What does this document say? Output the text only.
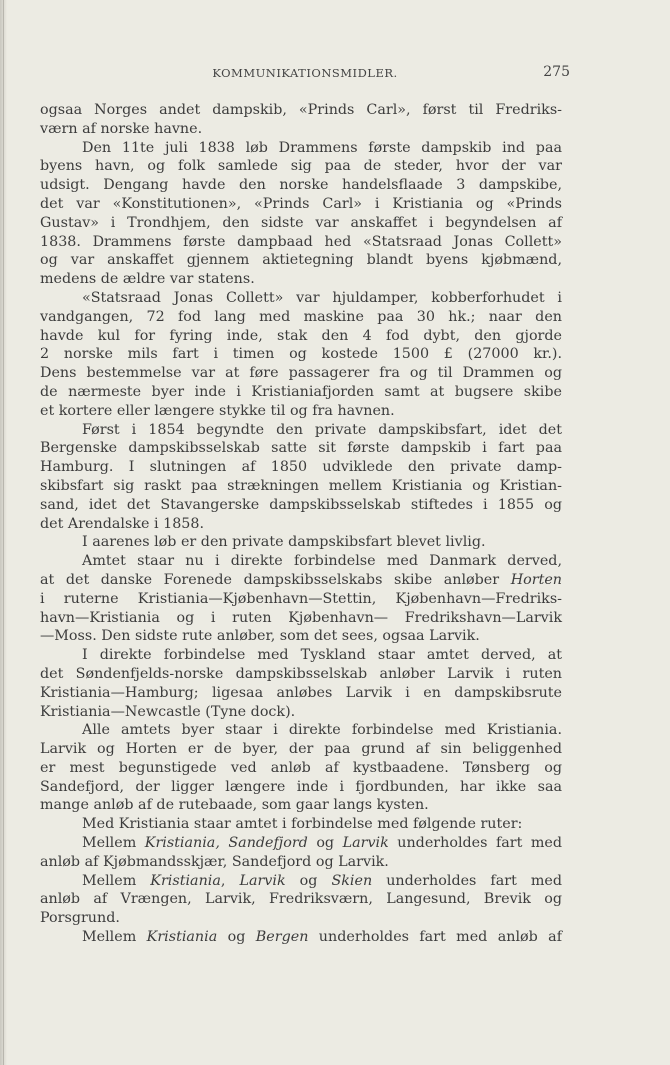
KOMMUNIKATIONSMIDLER.	275
ogsaa Norges andet dampskib, «Prinds Carl», først til Fredriks-
værn af norske havne.
Den 11te juli 1838 løb Drammens første dampskib ind paa
byens havn, og folk samlede sig paa de steder, hvor der var
udsigt. Dengang havde den norske handelsflaade 3 dampskibe,
det var «Konstitutionen», «Prinds Carl» i Kristiania og «Prinds
Gustav» i Trondhjem, den sidste var anskaffet i begyndelsen af
1838. Drammens første dampbaad hed «Statsraad Jonas Collett»
og var anskaffet gjennem aktietegning blandt byens kjøbmænd,
medens de ældre var statens.
«Statsraad Jonas Collett» var hjuldamper, kobberforhudet i
vandgangen, 72 fod lang med maskine paa 30 hk.; naar den
havde kul for fyring inde, stak den 4 fod dybt, den gjorde
2 norske mils fart i timen og kostede 1500 £ (27000 kr.).
Dens bestemmelse var at føre passagerer fra og til Drammen og
de nærmeste byer inde i Kristianiafjorden samt at bugsere skibe
et kortere eller længere stykke til og fra havnen.
Først i 1854 begyndte den private dampskibsfart, idet det
Bergenske dampskibsselskab satte sit første dampskib i fart paa
Hamburg. I slutningen af 1850 udviklede den private damp-
skibsfart sig raskt paa strækningen mellem Kristiania og Kristian-
sand, idet det Stavangerske dampskibsselskab stiftedes i 1855 og
det Arendalske i 1858.
I aarenes løb er den private dampskibsfart blevet livlig.
Amtet staar nu i direkte forbindelse med Danmark derved,
at det danske Forenede dampskibsselskabs skibe anløber Horten
i ruterne Kristiania—Kjøbenhavn—Stettin, Kjøbenhavn—Fredriks-
havn—Kristiania og i ruten Kjøbenhavn— Fredrikshavn—Larvik
—Moss. Den sidste rute anløber, som det sees, ogsaa Larvik.
I direkte forbindelse med Tyskland staar amtet derved, at
det Søndenfjelds-norske dampskibsselskab anløber Larvik i ruten
Kristiania—Hamburg; ligesaa anløbes Larvik i en dampskibsrute
Kristiania—Newcastle (Tyne dock).
Alle amtets byer staar i direkte forbindelse med Kristiania.
Larvik og Horten er de byer, der paa grund af sin beliggenhed
er mest begunstigede ved anløb af kystbaadene. Tønsberg og
Sandefjord, der ligger længere inde i fjordbunden, har ikke saa
mange anløb af de rutebaade, som gaar langs kysten.
Med Kristiania staar amtet i forbindelse med følgende ruter:
Mellem Kristiania, Sandefjord og Larvik underholdes fart med
anløb af Kjøbmandsskjær, Sandefjord og Larvik.
Mellem Kristiania, Larvik og Skien underholdes fart med
anløb af Vrængen, Larvik, Fredriksværn, Langesund, Brevik og
Porsgrund.
Mellem Kristiania og Bergen underholdes fart med anløb af
